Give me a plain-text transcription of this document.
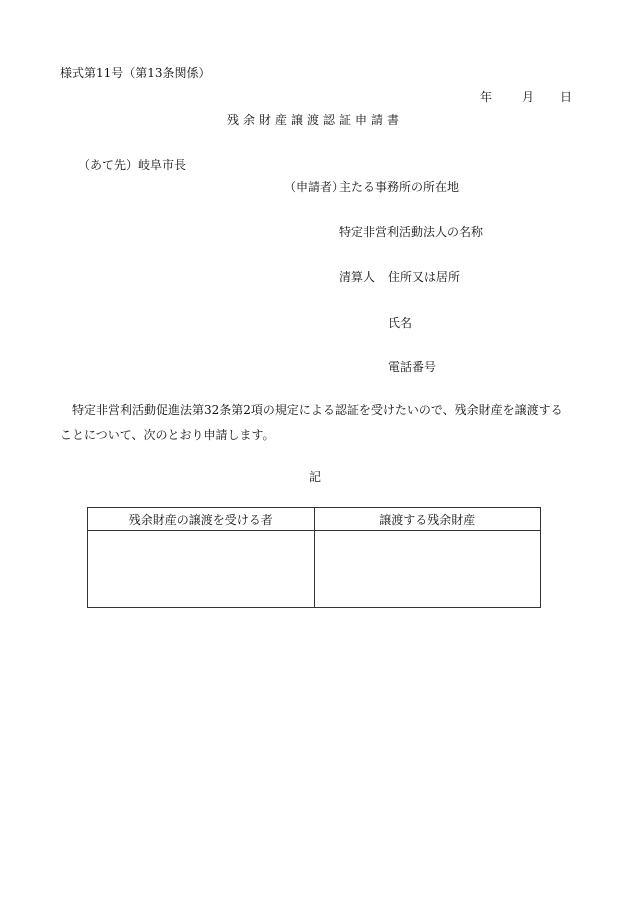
様式第11号（第13条関係）
年 月 日
残余財産譲渡認証申請書
（あて先）岐阜市長
（申請者）
主たる事務所の所在地
特定非営利活動法人の名称
清算人 住所又は居所
氏名
電話番号
特定非営利活動促進法第32条第2項の規定による認証を受けたいので、残余財産を譲渡する
ことについて、次のとおり申請します。
記
残余財産の譲渡を受ける者	譲渡する残余財産
